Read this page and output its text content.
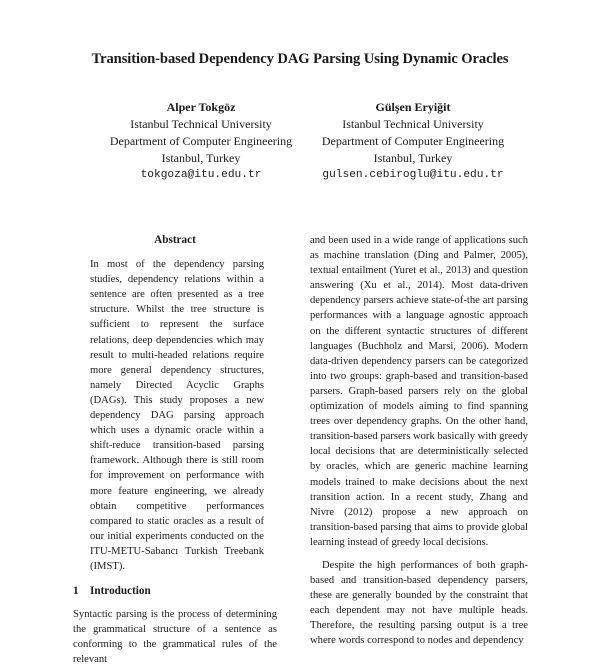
Transition-based Dependency DAG Parsing Using Dynamic Oracles
Alper Tokgöz
Istanbul Technical University
Department of Computer Engineering
Istanbul, Turkey
tokgoza@itu.edu.tr
Gülşen Eryiğit
Istanbul Technical University
Department of Computer Engineering
Istanbul, Turkey
gulsen.cebiroglu@itu.edu.tr
Abstract

In most of the dependency parsing studies, dependency relations within a sentence are often presented as a tree structure. Whilst the tree structure is sufficient to represent the surface relations, deep dependencies which may result to multi-headed relations require more general dependency structures, namely Directed Acyclic Graphs (DAGs). This study proposes a new dependency DAG parsing approach which uses a dynamic oracle within a shift-reduce transition-based parsing framework. Although there is still room for improvement on performance with more feature engineering, we already obtain competitive performances compared to static oracles as a result of our initial experiments conducted on the ITU-METU-Sabancı Turkish Treebank (IMST).

1 Introduction

Syntactic parsing is the process of determining the grammatical structure of a sentence as conforming to the grammatical rules of the relevant

and been used in a wide range of applications such as machine translation (Ding and Palmer, 2005), textual entailment (Yuret et al., 2013) and question answering (Xu et al., 2014). Most data-driven dependency parsers achieve state-of-the art parsing performances with a language agnostic approach on the different syntactic structures of different languages (Buchholz and Marsi, 2006). Modern data-driven dependency parsers can be categorized into two groups: graph-based and transition-based parsers. Graph-based parsers rely on the global optimization of models aiming to find spanning trees over dependency graphs. On the other hand, transition-based parsers work basically with greedy local decisions that are deterministically selected by oracles, which are generic machine learning models trained to make decisions about the next transition action. In a recent study, Zhang and Nivre (2012) propose a new approach on transition-based parsing that aims to provide global learning instead of greedy local decisions.

Despite the high performances of both graph-based and transition-based dependency parsers, these are generally bounded by the constraint that each dependent may not have multiple heads. Therefore, the resulting parsing output is a tree where words correspond to nodes and dependency
